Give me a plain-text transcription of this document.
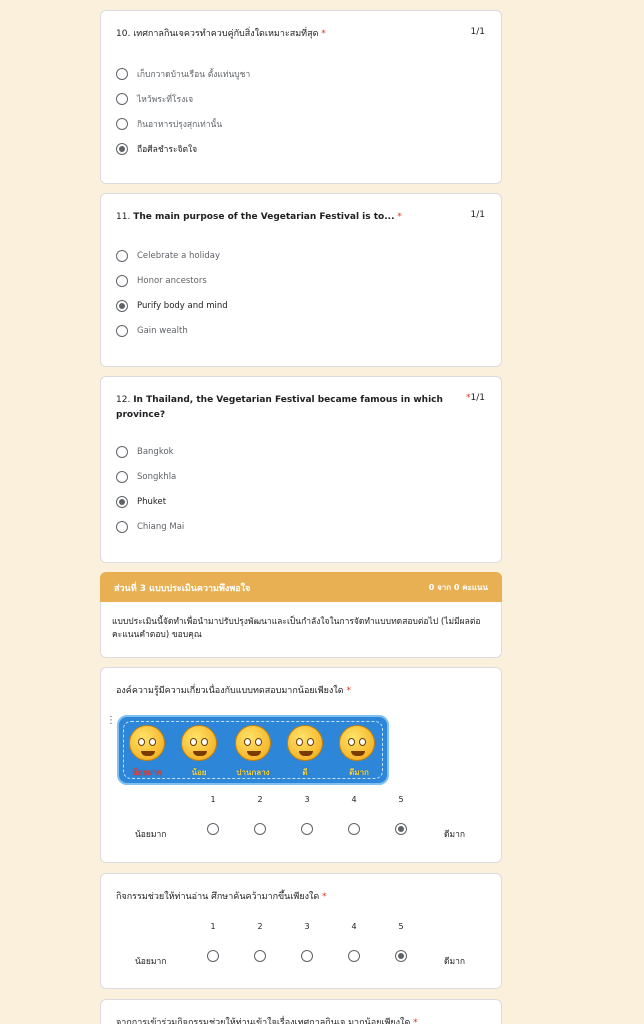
10. เทศกาลกินเจควรทำควบคู่กับสิ่งใดเหมาะสมที่สุด *	1/1
เก็บกวาดบ้านเรือน ตั้งแท่นบูชา
ไหว้พระที่โรงเจ
กินอาหารปรุงสุกเท่านั้น
ถือศีลชำระจิตใจ
11. The main purpose of the Vegetarian Festival is to... *	1/1
Celebrate a holiday
Honor ancestors
Purify body and mind
Gain wealth
12. In Thailand, the Vegetarian Festival became famous in which province?
*1/1
Bangkok
Songkhla
Phuket
Chiang Mai
ส่วนที่ 3 แบบประเมินความพึงพอใจ	0 จาก 0 คะแนน
แบบประเมินนี้จัดทำเพื่อนำมาปรับปรุงพัฒนาและเป็นกำลังใจในการจัดทำแบบทดสอบต่อไป (ไม่มีผลต่อคะแนนคำตอบ) ขอบคุณ
องค์ความรู้มีความเกี่ยวเนื่องกับแบบทดสอบมากน้อยเพียงใด *
⋮
น้อยมาก	น้อย	ปานกลาง	ดี	ดีมาก
1	2	3	4	5
น้อยมาก	ดีมาก
กิจกรรมช่วยให้ท่านอ่าน ศึกษาค้นคว้ามากขึ้นเพียงใด *
1	2	3	4	5
น้อยมาก	ดีมาก
จากการเข้าร่วมกิจกรรมช่วยให้ท่านเข้าใจเรื่องเทศกาลกินเจ มากน้อยเพียงใด *
